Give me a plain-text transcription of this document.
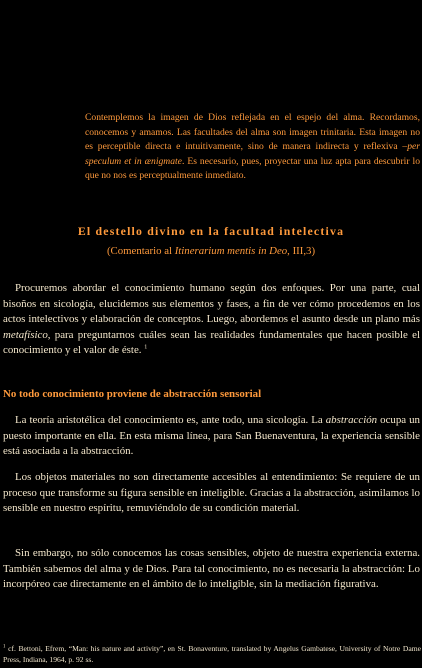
Contemplemos la imagen de Dios reflejada en el espejo del alma. Recordamos, conocemos y amamos. Las facultades del alma son imagen trinitaria. Esta imagen no es perceptible directa e intuitivamente, sino de manera indirecta y reflexiva –per speculum et in ænigmate. Es necesario, pues, proyectar una luz apta para descubrir lo que no nos es perceptualmente inmediato.

El destello divino en la facultad intelectiva

(Comentario al Itinerarium mentis in Deo, III,3)

Procuremos abordar el conocimiento humano según dos enfoques. Por una parte, cual bisoños en sicología, elucidemos sus elementos y fases, a fin de ver cómo procedemos en los actos intelectivos y elaboración de conceptos. Luego, abordemos el asunto desde un plano más metafísico, para preguntarnos cuáles sean las realidades fundamentales que hacen posible el conocimiento y el valor de éste. $^1$

No todo conocimiento proviene de abstracción sensorial

La teoría aristotélica del conocimiento es, ante todo, una sicología. La abstracción ocupa un puesto importante en ella. En esta misma línea, para San Buenaventura, la experiencia sensible está asociada a la abstracción.

Los objetos materiales no son directamente accesibles al entendimiento: Se requiere de un proceso que transforme su figura sensible en inteligible. Gracias a la abstracción, asimilamos lo sensible en nuestro espíritu, remuviéndolo de su condición material.

Sin embargo, no sólo conocemos las cosas sensibles, objeto de nuestra experiencia externa. También sabemos del alma y de Dios. Para tal conocimiento, no es necesaria la abstracción: Lo incorpóreo cae directamente en el ámbito de lo inteligible, sin la mediación figurativa.

$^1$ cf. Bettoni, Efrem, “Man: his nature and activity”, en St. Bonaventure, translated by Angelus Gambatese, University of Notre Dame Press, Indiana, 1964, p. 92 ss.
